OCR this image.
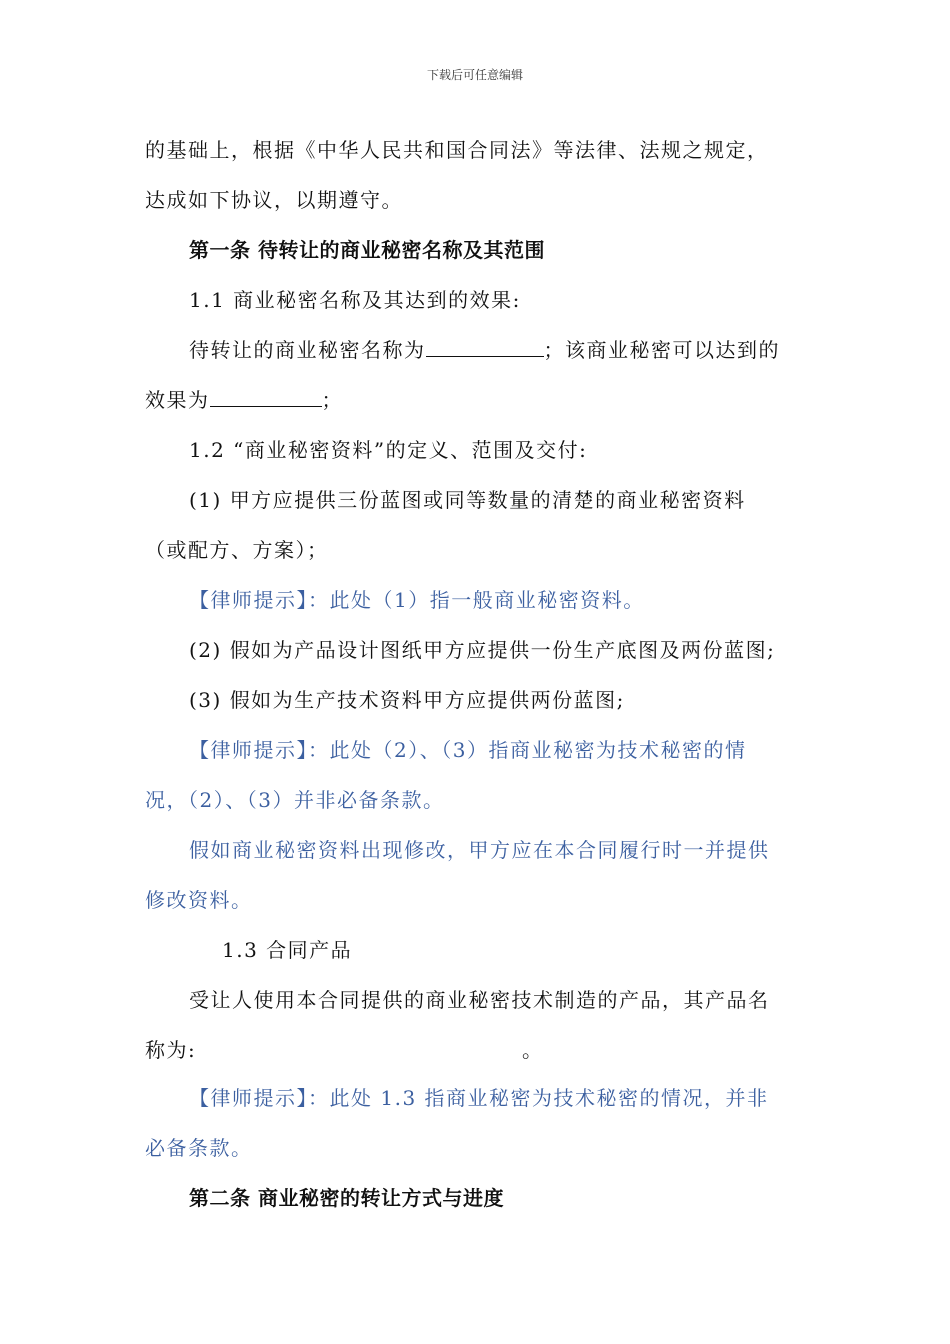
下载后可任意编辑
的基础上，根据《中华人民共和国合同法》等法律、法规之规定，
达成如下协议，以期遵守。
第一条 待转让的商业秘密名称及其范围
1.1 商业秘密名称及其达到的效果:
待转让的商业秘密名称为	；该商业秘密可以达到的
效果为	；
1.2 “商业秘密资料”的定义、范围及交付:
(1) 甲方应提供三份蓝图或同等数量的清楚的商业秘密资料
（或配方、方案）；
【律师提示】：此处（1）指一般商业秘密资料。
(2) 假如为产品设计图纸甲方应提供一份生产底图及两份蓝图;
(3) 假如为生产技术资料甲方应提供两份蓝图;
【律师提示】：此处（2）、（3）指商业秘密为技术秘密的情
况，（2）、（3）并非必备条款。
假如商业秘密资料出现修改，甲方应在本合同履行时一并提供
修改资料。
1.3 合同产品
受让人使用本合同提供的商业秘密技术制造的产品，其产品名
称为:	。
【律师提示】：此处 1.3 指商业秘密为技术秘密的情况，并非
必备条款。
第二条 商业秘密的转让方式与进度
